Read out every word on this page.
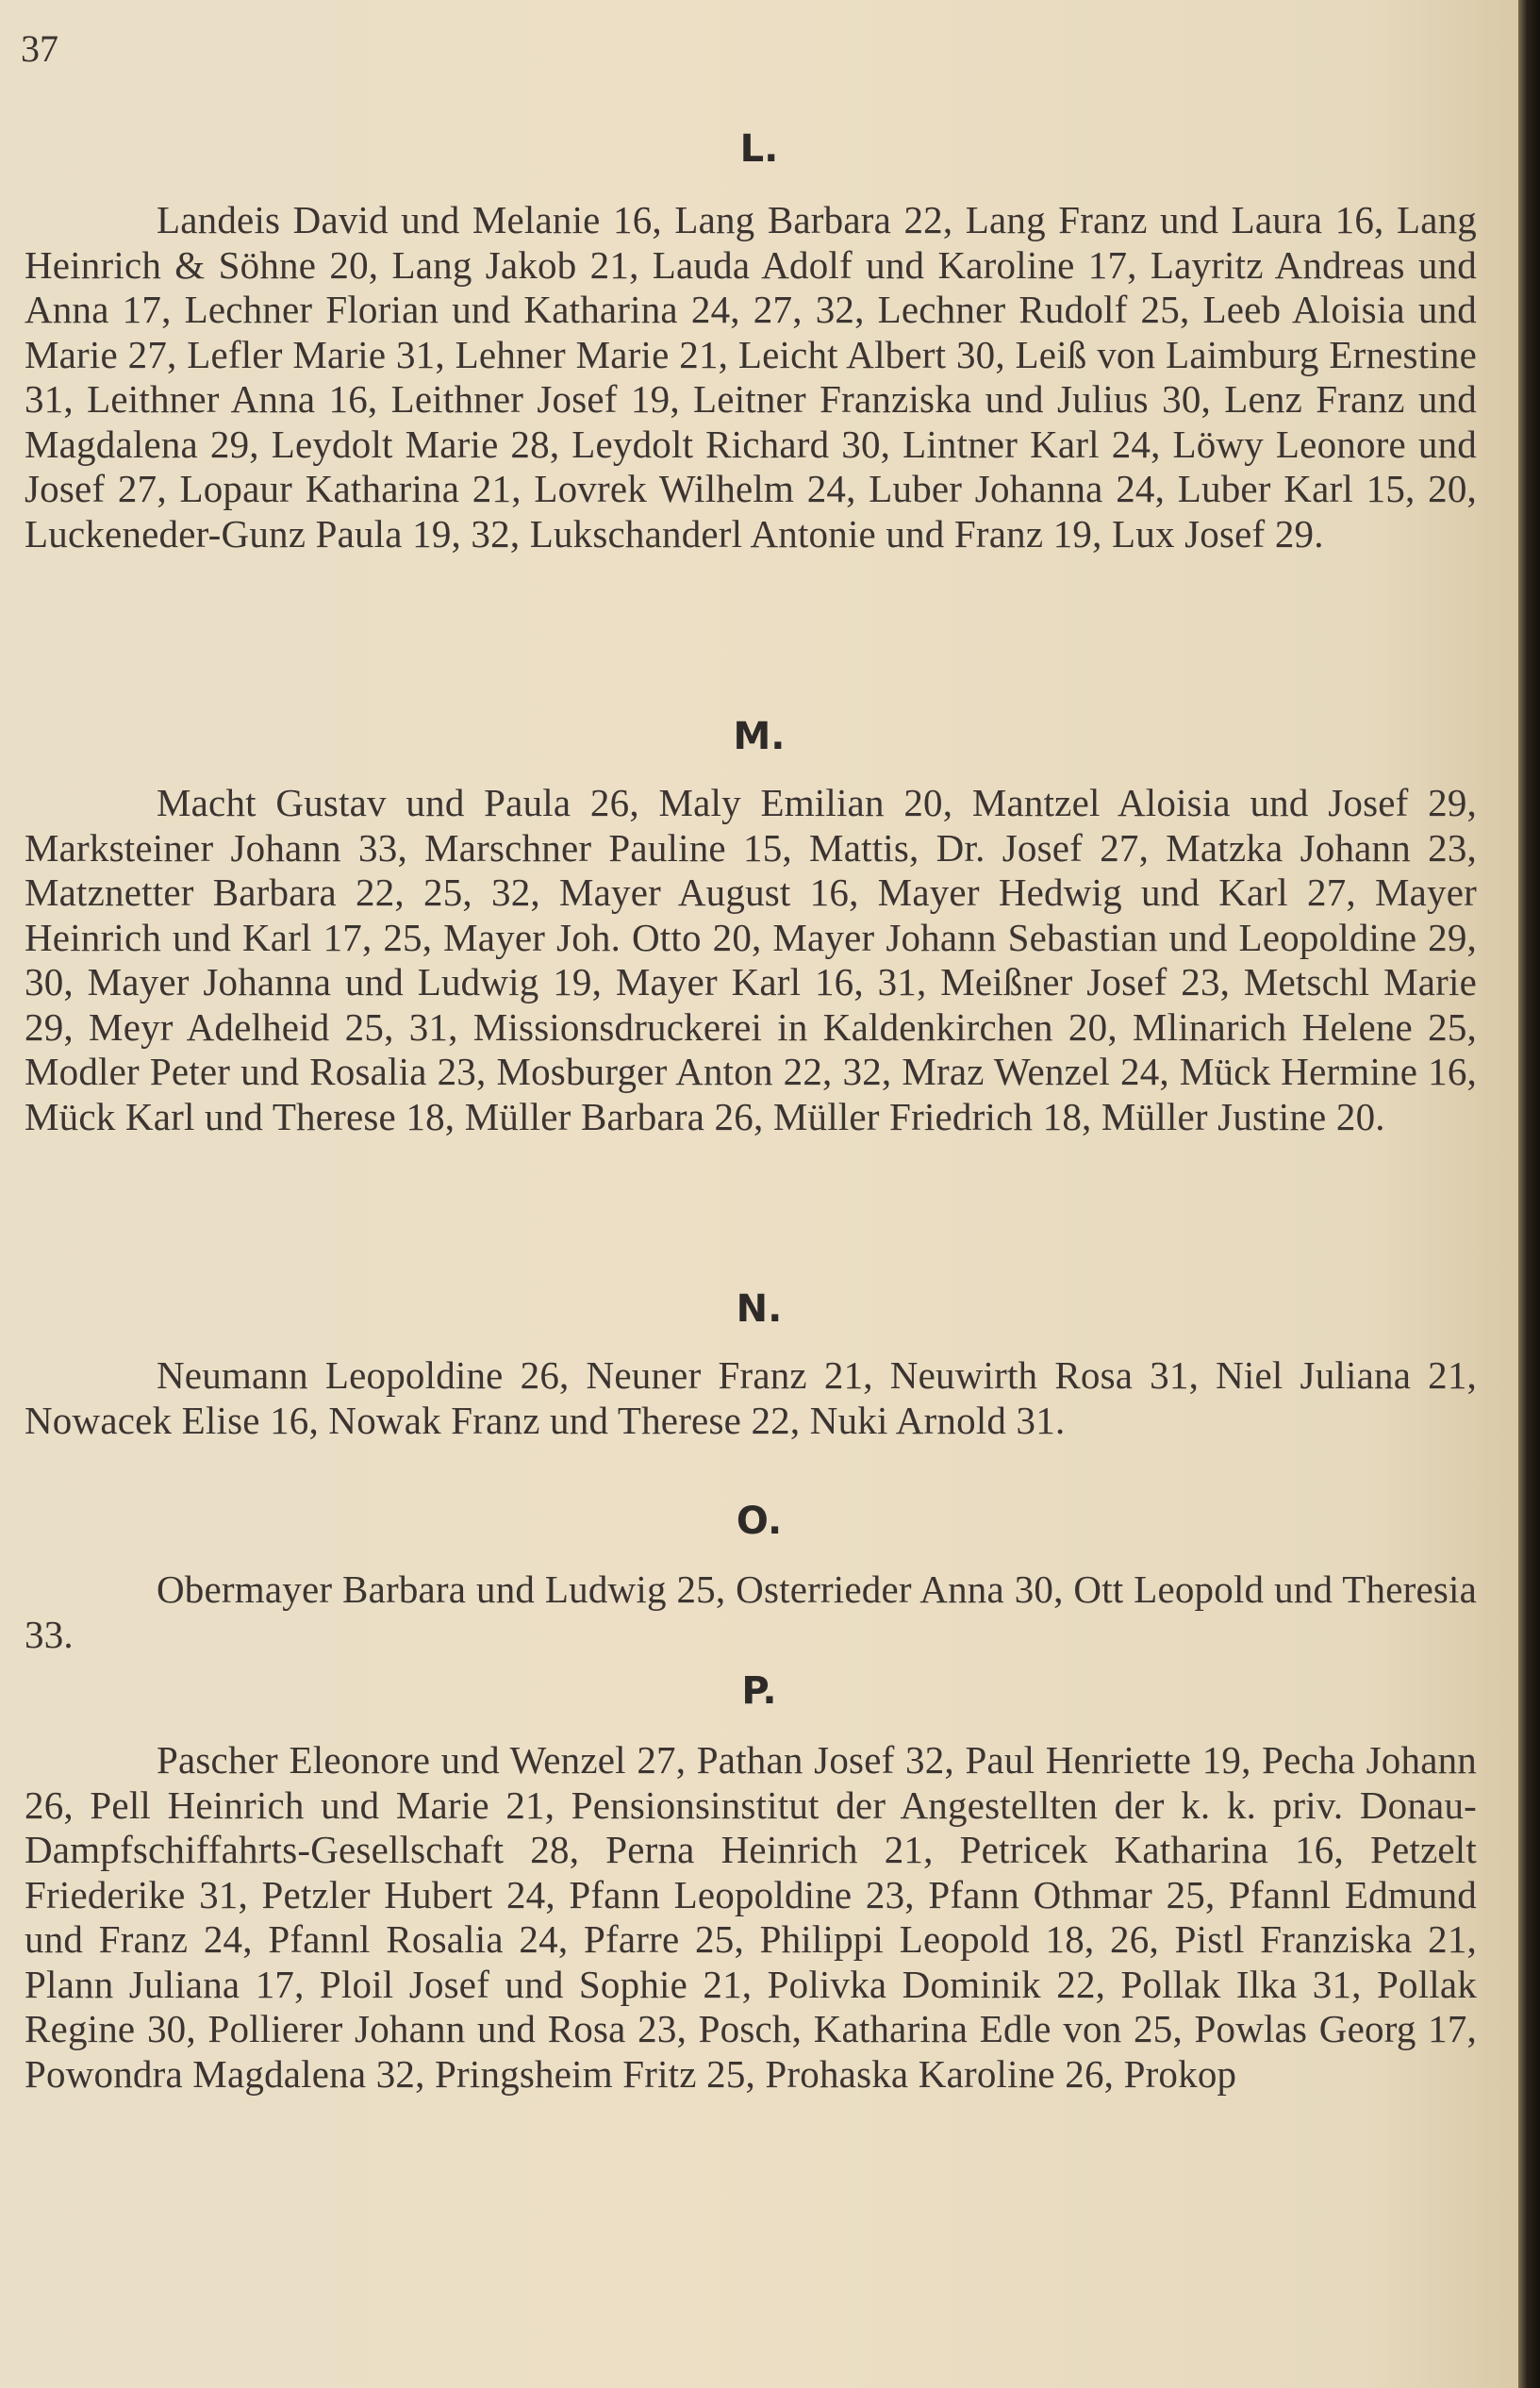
37
L.

Landeis David und Melanie 16, Lang Barbara 22, Lang Franz und Laura 16, Lang Heinrich & Söhne 20, Lang Jakob 21, Lauda Adolf und Karoline 17, Layritz Andreas und Anna 17, Lechner Florian und Katharina 24, 27, 32, Lechner Rudolf 25, Leeb Aloisia und Marie 27, Lefler Marie 31, Lehner Marie 21, Leicht Albert 30, Leiß von Laimburg Ernestine 31, Leithner Anna 16, Leithner Josef 19, Leitner Franziska und Julius 30, Lenz Franz und Magdalena 29, Leydolt Marie 28, Leydolt Richard 30, Lintner Karl 24, Löwy Leonore und Josef 27, Lopaur Katharina 21, Lovrek Wilhelm 24, Luber Johanna 24, Luber Karl 15, 20, Luckeneder-Gunz Paula 19, 32, Lukschanderl Antonie und Franz 19, Lux Josef 29.

M.

Macht Gustav und Paula 26, Maly Emilian 20, Mantzel Aloisia und Josef 29, Marksteiner Johann 33, Marschner Pauline 15, Mattis, Dr. Josef 27, Matzka Johann 23, Matznetter Barbara 22, 25, 32, Mayer August 16, Mayer Hedwig und Karl 27, Mayer Heinrich und Karl 17, 25, Mayer Joh. Otto 20, Mayer Johann Sebastian und Leopoldine 29, 30, Mayer Johanna und Ludwig 19, Mayer Karl 16, 31, Meißner Josef 23, Metschl Marie 29, Meyr Adelheid 25, 31, Missionsdruckerei in Kaldenkirchen 20, Mlinarich Helene 25, Modler Peter und Rosalia 23, Mosburger Anton 22, 32, Mraz Wenzel 24, Mück Hermine 16, Mück Karl und Therese 18, Müller Barbara 26, Müller Friedrich 18, Müller Justine 20.

N.

Neumann Leopoldine 26, Neuner Franz 21, Neuwirth Rosa 31, Niel Juliana 21, Nowacek Elise 16, Nowak Franz und Therese 22, Nuki Arnold 31.

O.

Obermayer Barbara und Ludwig 25, Osterrieder Anna 30, Ott Leopold und Theresia 33.

P.

Pascher Eleonore und Wenzel 27, Pathan Josef 32, Paul Henriette 19, Pecha Johann 26, Pell Heinrich und Marie 21, Pensionsinstitut der Angestellten der k. k. priv. Donau-Dampfschiffahrts-Gesellschaft 28, Perna Heinrich 21, Petricek Katharina 16, Petzelt Friederike 31, Petzler Hubert 24, Pfann Leopoldine 23, Pfann Othmar 25, Pfannl Edmund und Franz 24, Pfannl Rosalia 24, Pfarre 25, Philippi Leopold 18, 26, Pistl Franziska 21, Plann Juliana 17, Ploil Josef und Sophie 21, Polivka Dominik 22, Pollak Ilka 31, Pollak Regine 30, Pollierer Johann und Rosa 23, Posch, Katharina Edle von 25, Powlas Georg 17, Powondra Magdalena 32, Pringsheim Fritz 25, Prohaska Karoline 26, Prokop
